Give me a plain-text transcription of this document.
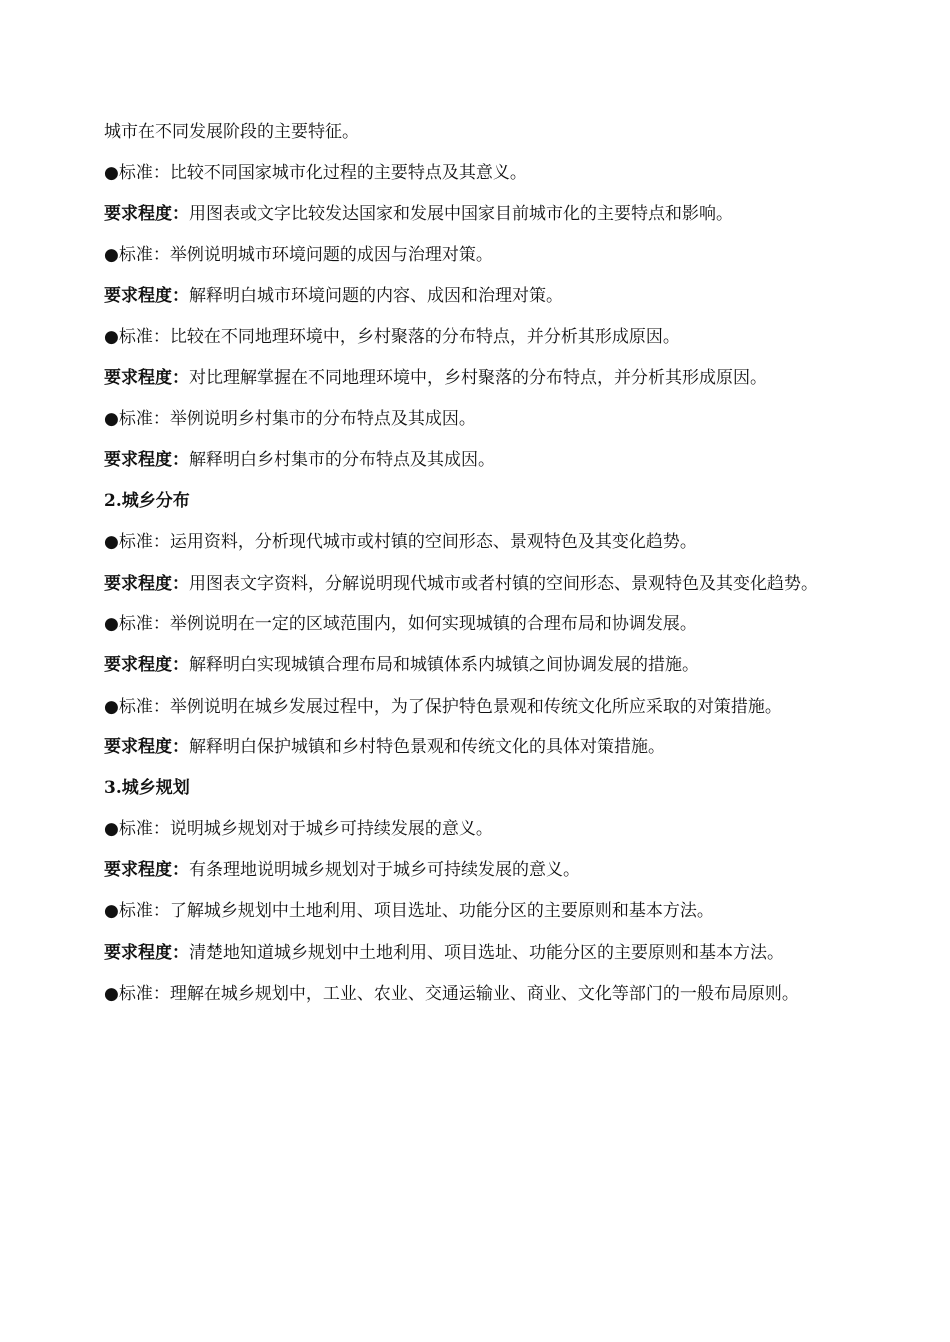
城市在不同发展阶段的主要特征。
●标准：比较不同国家城市化过程的主要特点及其意义。
要求程度：用图表或文字比较发达国家和发展中国家目前城市化的主要特点和影响。
●标准：举例说明城市环境问题的成因与治理对策。
要求程度：解释明白城市环境问题的内容、成因和治理对策。
●标准：比较在不同地理环境中，乡村聚落的分布特点，并分析其形成原因。
要求程度：对比理解掌握在不同地理环境中，乡村聚落的分布特点，并分析其形成原因。
●标准：举例说明乡村集市的分布特点及其成因。
要求程度：解释明白乡村集市的分布特点及其成因。
2.城乡分布
●标准：运用资料，分析现代城市或村镇的空间形态、景观特色及其变化趋势。
要求程度：用图表文字资料，分解说明现代城市或者村镇的空间形态、景观特色及其变化趋势。
●标准：举例说明在一定的区域范围内，如何实现城镇的合理布局和协调发展。
要求程度：解释明白实现城镇合理布局和城镇体系内城镇之间协调发展的措施。
●标准：举例说明在城乡发展过程中，为了保护特色景观和传统文化所应采取的对策措施。
要求程度：解释明白保护城镇和乡村特色景观和传统文化的具体对策措施。
3.城乡规划
●标准：说明城乡规划对于城乡可持续发展的意义。
要求程度：有条理地说明城乡规划对于城乡可持续发展的意义。
●标准：了解城乡规划中土地利用、项目选址、功能分区的主要原则和基本方法。
要求程度：清楚地知道城乡规划中土地利用、项目选址、功能分区的主要原则和基本方法。
●标准：理解在城乡规划中，工业、农业、交通运输业、商业、文化等部门的一般布局原则。
